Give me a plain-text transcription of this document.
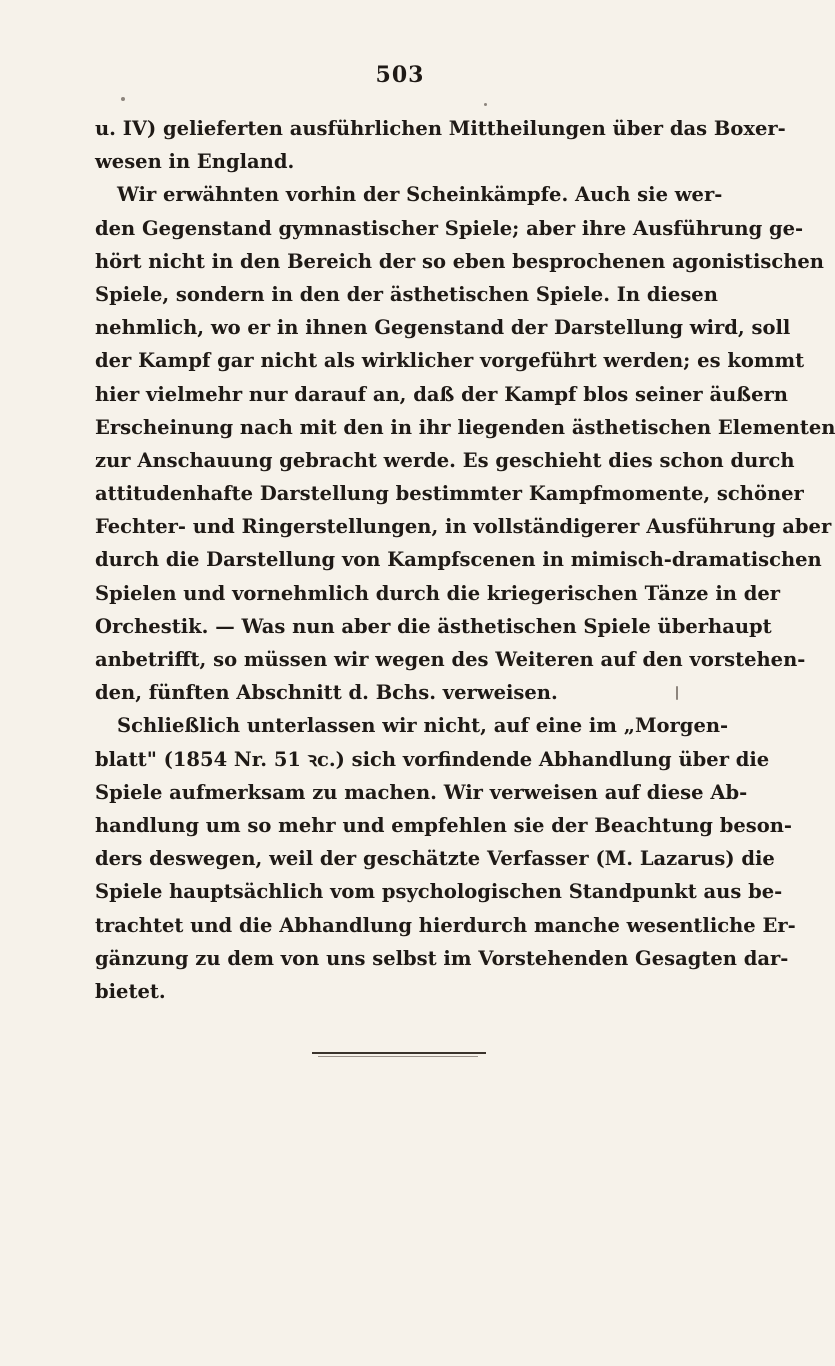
503
u. IV) gelieferten ausführlichen Mittheilungen über das Boxer-
wesen in England.
Wir erwähnten vorhin der Scheinkämpfe. Auch sie wer-
den Gegenstand gymnastischer Spiele; aber ihre Ausführung ge-
hört nicht in den Bereich der so eben besprochenen agonistischen
Spiele, sondern in den der ästhetischen Spiele. In diesen
nehmlich, wo er in ihnen Gegenstand der Darstellung wird, soll
der Kampf gar nicht als wirklicher vorgeführt werden; es kommt
hier vielmehr nur darauf an, daß der Kampf blos seiner äußern
Erscheinung nach mit den in ihr liegenden ästhetischen Elementen
zur Anschauung gebracht werde. Es geschieht dies schon durch
attitudenhafte Darstellung bestimmter Kampfmomente, schöner
Fechter- und Ringerstellungen, in vollständigerer Ausführung aber
durch die Darstellung von Kampfscenen in mimisch-dramatischen
Spielen und vornehmlich durch die kriegerischen Tänze in der
Orchestik. — Was nun aber die ästhetischen Spiele überhaupt
anbetrifft, so müssen wir wegen des Weiteren auf den vorstehen-
den, fünften Abschnitt d. Bchs. verweisen.
Schließlich unterlassen wir nicht, auf eine im „Morgen-
blatt" (1854 Nr. 51 ꝛc.) sich vorfindende Abhandlung über die
Spiele aufmerksam zu machen. Wir verweisen auf diese Ab-
handlung um so mehr und empfehlen sie der Beachtung beson-
ders deswegen, weil der geschätzte Verfasser (M. Lazarus) die
Spiele hauptsächlich vom psychologischen Standpunkt aus be-
trachtet und die Abhandlung hierdurch manche wesentliche Er-
gänzung zu dem von uns selbst im Vorstehenden Gesagten dar-
bietet.
